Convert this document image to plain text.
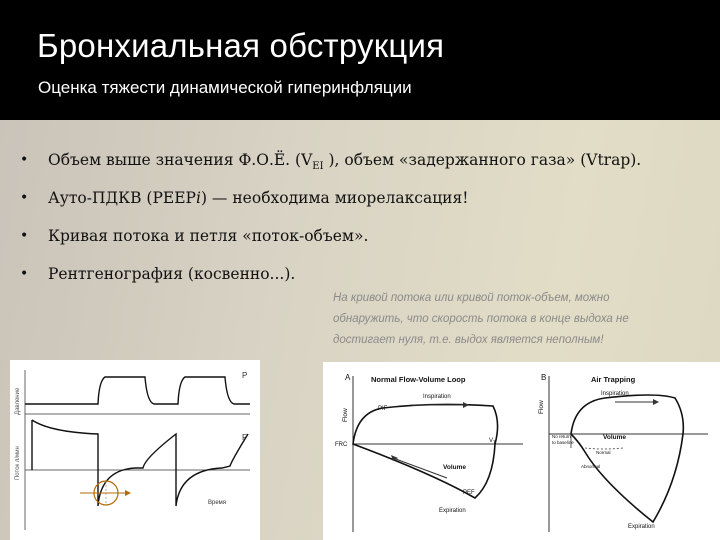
Бронхиальная обструкция
Оценка тяжести динамической гиперинфляции
• Объем выше значения Ф.О.Ё. ($V_{EI}$ ), объем «задержанного газа» (Vtrap).
• Ауто-ПДКВ (PEEPi) — необходима миорелаксация!
• Кривая потока и петля «поток-объем».
• Рентгенография (косвенно...).
На кривой потока или кривой поток-объем, можно
обнаружить, что скорость потока в конце выдоха не
достигает нуля, т.е. выдох является неполным!
Давление
Поток л/мин
P
F
Время
A	Normal Flow-Volume Loop
Flow
FRC
$V_T$
PIF
PEF
Inspiration
Expiration
Volume
B	Air Trapping
Flow
Inspiration
Volume
No return
to baseline
Normal
Abnormal
Expiration
